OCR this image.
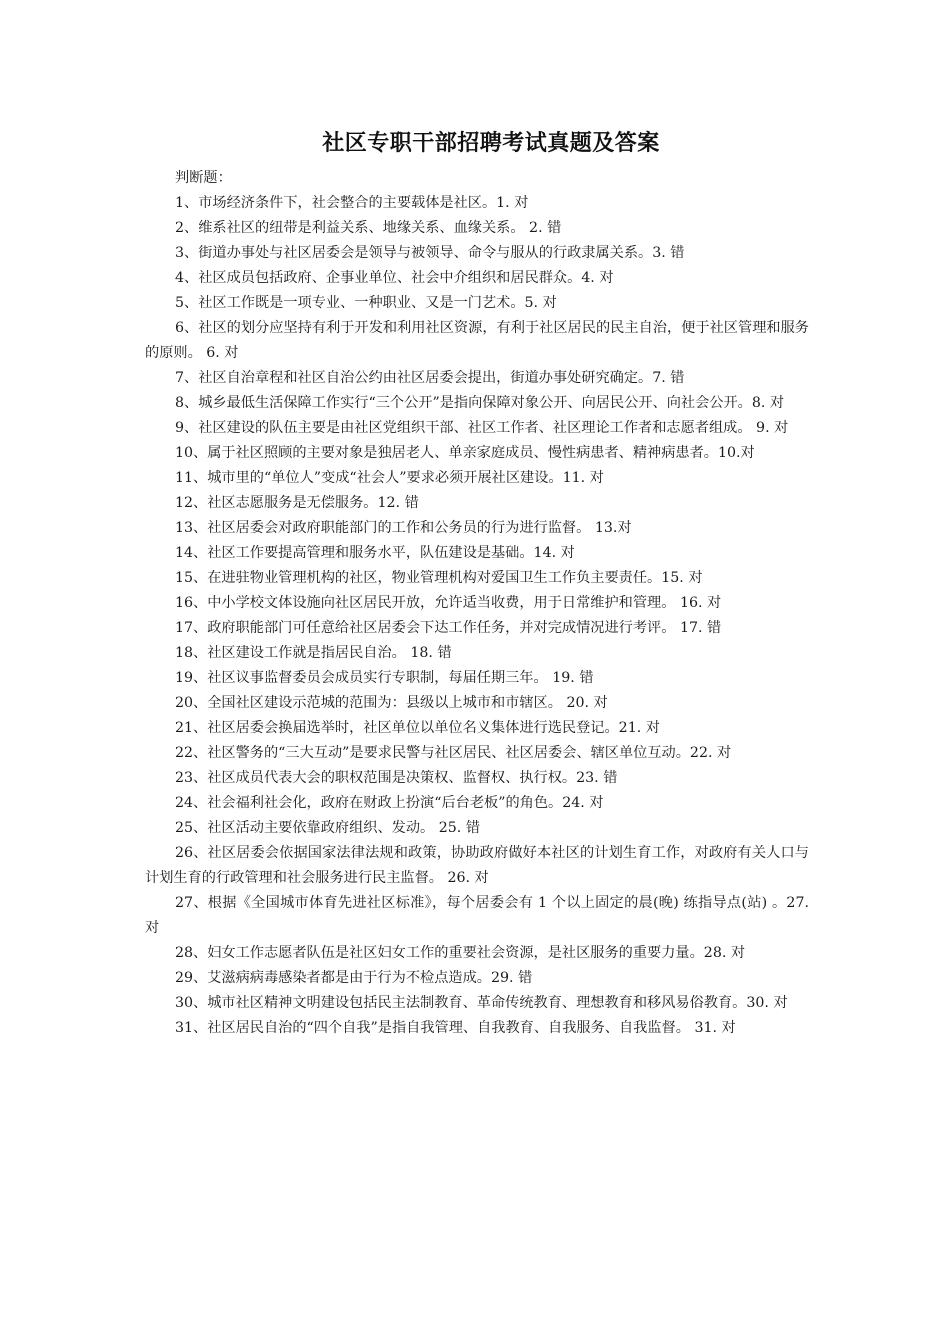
社区专职干部招聘考试真题及答案

判断题：

1、市场经济条件下，社会整合的主要载体是社区。1. 对

2、维系社区的纽带是利益关系、地缘关系、血缘关系。 2. 错

3、街道办事处与社区居委会是领导与被领导、命令与服从的行政隶属关系。3. 错

4、社区成员包括政府、企事业单位、社会中介组织和居民群众。4. 对

5、社区工作既是一项专业、一种职业、又是一门艺术。5. 对

6、社区的划分应坚持有利于开发和利用社区资源，有利于社区居民的民主自治，便于社区管理和服务的原则。 6. 对

7、社区自治章程和社区自治公约由社区居委会提出，街道办事处研究确定。7. 错

8、城乡最低生活保障工作实行“三个公开”是指向保障对象公开、向居民公开、向社会公开。8. 对

9、社区建设的队伍主要是由社区党组织干部、社区工作者、社区理论工作者和志愿者组成。 9. 对

10、属于社区照顾的主要对象是独居老人、单亲家庭成员、慢性病患者、精神病患者。10.对

11、城市里的“单位人”变成“社会人”要求必须开展社区建设。11. 对

12、社区志愿服务是无偿服务。12. 错

13、社区居委会对政府职能部门的工作和公务员的行为进行监督。 13.对

14、社区工作要提高管理和服务水平，队伍建设是基础。14. 对

15、在进驻物业管理机构的社区，物业管理机构对爱国卫生工作负主要责任。15. 对

16、中小学校文体设施向社区居民开放，允许适当收费，用于日常维护和管理。 16. 对

17、政府职能部门可任意给社区居委会下达工作任务，并对完成情况进行考评。 17. 错

18、社区建设工作就是指居民自治。 18. 错

19、社区议事监督委员会成员实行专职制，每届任期三年。 19. 错

20、全国社区建设示范城的范围为：县级以上城市和市辖区。 20. 对

21、社区居委会换届选举时，社区单位以单位名义集体进行选民登记。21. 对

22、社区警务的“三大互动”是要求民警与社区居民、社区居委会、辖区单位互动。22. 对

23、社区成员代表大会的职权范围是决策权、监督权、执行权。23. 错

24、社会福利社会化，政府在财政上扮演“后台老板”的角色。24. 对

25、社区活动主要依靠政府组织、发动。 25. 错

26、社区居委会依据国家法律法规和政策，协助政府做好本社区的计划生育工作，对政府有关人口与计划生育的行政管理和社会服务进行民主监督。 26. 对

27、根据《全国城市体育先进社区标准》，每个居委会有 1 个以上固定的晨(晚) 练指导点(站) 。27. 对

28、妇女工作志愿者队伍是社区妇女工作的重要社会资源，是社区服务的重要力量。28. 对

29、艾滋病病毒感染者都是由于行为不检点造成。29. 错

30、城市社区精神文明建设包括民主法制教育、革命传统教育、理想教育和移风易俗教育。30. 对

31、社区居民自治的“四个自我”是指自我管理、自我教育、自我服务、自我监督。 31. 对
